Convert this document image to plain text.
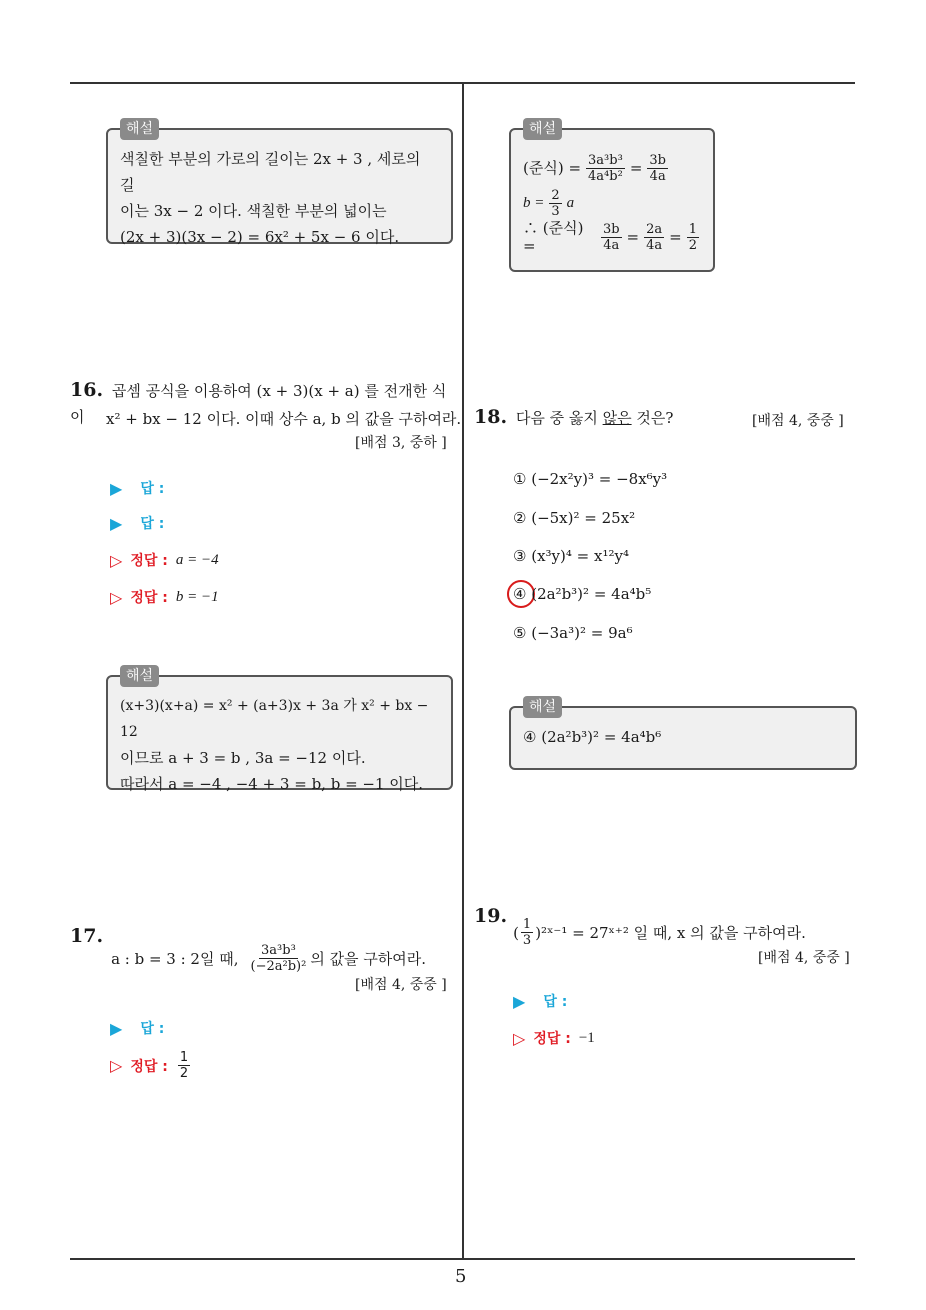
5
해설
색칠한 부분의 가로의 길이는 2x + 3 , 세로의 길
이는 3x − 2 이다. 색칠한 부분의 넓이는
(2x + 3)(3x − 2) = 6x² + 5x − 6 이다.
16. 곱셈 공식을 이용하여 (x + 3)(x + a) 를 전개한 식이	x² + bx − 12 이다. 이때 상수 a, b 의 값을 구하여라.
[배점 3, 중하 ]
▶ 답 :
▶ 답 :
▷ 정답 : a = −4
▷ 정답 : b = −1
해설
(x+3)(x+a) = x² + (a+3)x + 3a 가 x² + bx − 12
이므로 a + 3 = b , 3a = −12 이다.
따라서 a = −4 , −4 + 3 = b, b = −1 이다.
17.
a : b = 3 : 2일 때, $\frac{\text{3a³b³}}{\text{(−2a²b)²}}$ 의 값을 구하여라.
[배점 4, 중중 ]
▶ 답 :
▷ 정답 : $\frac{1}{2}$
해설
(준식) = $\frac{\text{3a³b³}}{\text{4a⁴b²}} = \frac{3b}{4a}$
$b = \frac{2}{3}$ a
∴ (준식) =	$\frac{3b}{4a} = \frac{2a}{4a} = \frac{1}{2}$
18. 다음 중 옳지 않은 것은?	[배점 4, 중중 ]
① (−2x²y)³ = −8x⁶y³
② (−5x)² = 25x²
③ (x³y)⁴ = x¹²y⁴
④ (2a²b³)² = 4a⁴b⁵
⑤ (−3a³)² = 9a⁶
해설
④ (2a²b³)² = 4a⁴b⁶
19.
( $\frac{1}{3}$ )²ˣ⁻¹ = 27ˣ⁺² 일 때, x 의 값을 구하여라.
[배점 4, 중중 ]
▶ 답 :
▷ 정답 : −1
